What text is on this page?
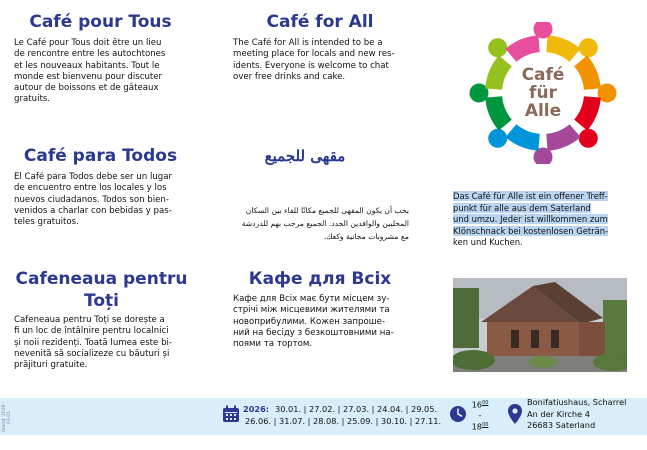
Café pour Tous
Le Café pour Tous doit être un lieu
de rencontre entre les autochtones
et les nouveaux habitants. Tout le
monde est bienvenu pour discuter
autour de boissons et de gâteaux
gratuits.
Café for All
The Café for All is intended to be a
meeting place for locals and new res-
idents. Everyone is welcome to chat
over free drinks and cake.	Café
für
Alle
Café para Todos
El Café para Todos debe ser un lugar
de encuentro entre los locales y los
nuevos ciudadanos. Todos son bien-
venidos a charlar con bebidas y pas-
teles gratuitos.
مقهى للجميع
يجب أن يكون المقهى للجميع مكانًا للقاء بين السكان
المحليين والوافدين الجدد. الجميع مرحب بهم للدردشة
مع مشروبات مجانية وكعك.
Das Café für Alle ist ein offener Treff-
punkt für alle aus dem Saterland
und umzu. Jeder ist willkommen zum
Klönschnack bei kostenlosen Geträn-
ken und Kuchen.
Cafeneaua pentru
Toți
Cafeneaua pentru Toți se dorește a
fi un loc de întâlnire pentru localnici
și noii rezidenți. Toată lumea este bi-
nevenită să socializeze cu băuturi și
prăjituri gratuite.
Кафе для Всіх
Кафе для Всіх має бути місцем зу-
стрічі між місцевими жителями та
новоприбулими. Кожен запроше-
ний на бесіду з безкоштовними на-
поями та тортом.
Stand: 2026-01-01
2026: 30.01. | 27.02. | 27.03. | 24.04. | 29.05.
26.06. | 31.07. | 28.08. | 25.09. | 30.10. | 27.11.
$16^{00}$
-
$18^{00}$
Bonifatiushaus, Scharrel
An der Kirche 4
26683 Saterland
